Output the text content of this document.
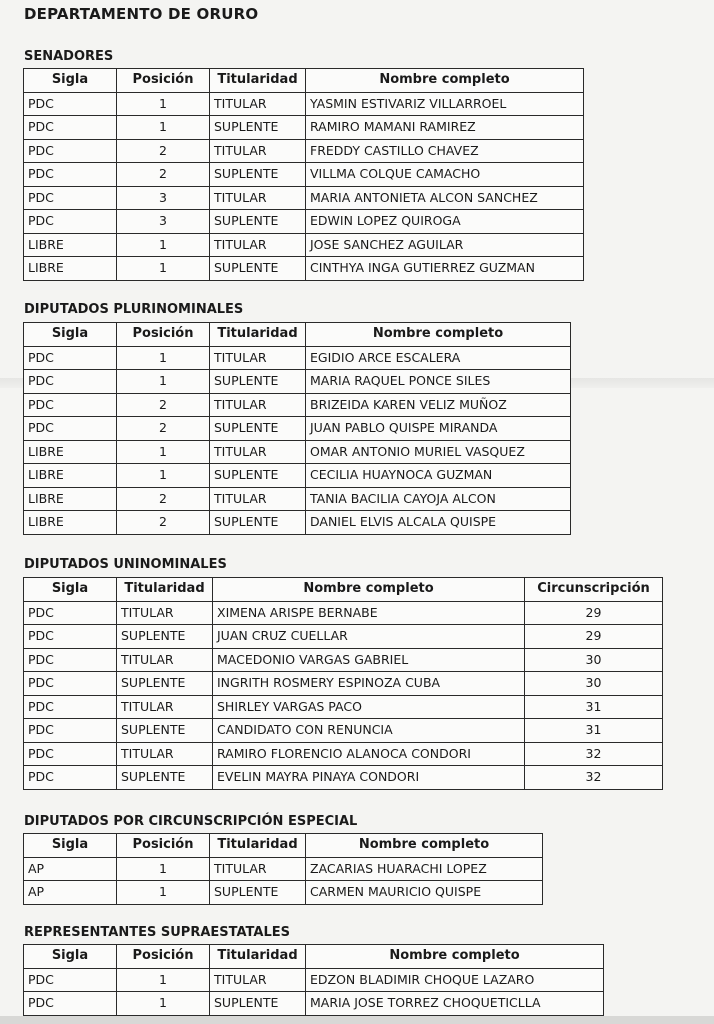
DEPARTAMENTO DE ORURO
SENADORES
Sigla	Posición	Titularidad	Nombre completo
PDC	1	TITULAR	YASMIN ESTIVARIZ VILLARROEL
PDC	1	SUPLENTE	RAMIRO MAMANI RAMIREZ
PDC	2	TITULAR	FREDDY CASTILLO CHAVEZ
PDC	2	SUPLENTE	VILLMA COLQUE CAMACHO
PDC	3	TITULAR	MARIA ANTONIETA ALCON SANCHEZ
PDC	3	SUPLENTE	EDWIN LOPEZ QUIROGA
LIBRE	1	TITULAR	JOSE SANCHEZ AGUILAR
LIBRE	1	SUPLENTE	CINTHYA INGA GUTIERREZ GUZMAN
DIPUTADOS PLURINOMINALES
Sigla	Posición	Titularidad	Nombre completo
PDC	1	TITULAR	EGIDIO ARCE ESCALERA
PDC	1	SUPLENTE	MARIA RAQUEL PONCE SILES
PDC	2	TITULAR	BRIZEIDA KAREN VELIZ MUÑOZ
PDC	2	SUPLENTE	JUAN PABLO QUISPE MIRANDA
LIBRE	1	TITULAR	OMAR ANTONIO MURIEL VASQUEZ
LIBRE	1	SUPLENTE	CECILIA HUAYNOCA GUZMAN
LIBRE	2	TITULAR	TANIA BACILIA CAYOJA ALCON
LIBRE	2	SUPLENTE	DANIEL ELVIS ALCALA QUISPE
DIPUTADOS UNINOMINALES
Sigla	Titularidad	Nombre completo	Circunscripción
PDC	TITULAR	XIMENA ARISPE BERNABE	29
PDC	SUPLENTE	JUAN CRUZ CUELLAR	29
PDC	TITULAR	MACEDONIO VARGAS GABRIEL	30
PDC	SUPLENTE	INGRITH ROSMERY ESPINOZA CUBA	30
PDC	TITULAR	SHIRLEY VARGAS PACO	31
PDC	SUPLENTE	CANDIDATO CON RENUNCIA	31
PDC	TITULAR	RAMIRO FLORENCIO ALANOCA CONDORI	32
PDC	SUPLENTE	EVELIN MAYRA PINAYA CONDORI	32
DIPUTADOS POR CIRCUNSCRIPCIÓN ESPECIAL
Sigla	Posición	Titularidad	Nombre completo
AP	1	TITULAR	ZACARIAS HUARACHI LOPEZ
AP	1	SUPLENTE	CARMEN MAURICIO QUISPE
REPRESENTANTES SUPRAESTATALES
Sigla	Posición	Titularidad	Nombre completo
PDC	1	TITULAR	EDZON BLADIMIR CHOQUE LAZARO
PDC	1	SUPLENTE	MARIA JOSE TORREZ CHOQUETICLLA
